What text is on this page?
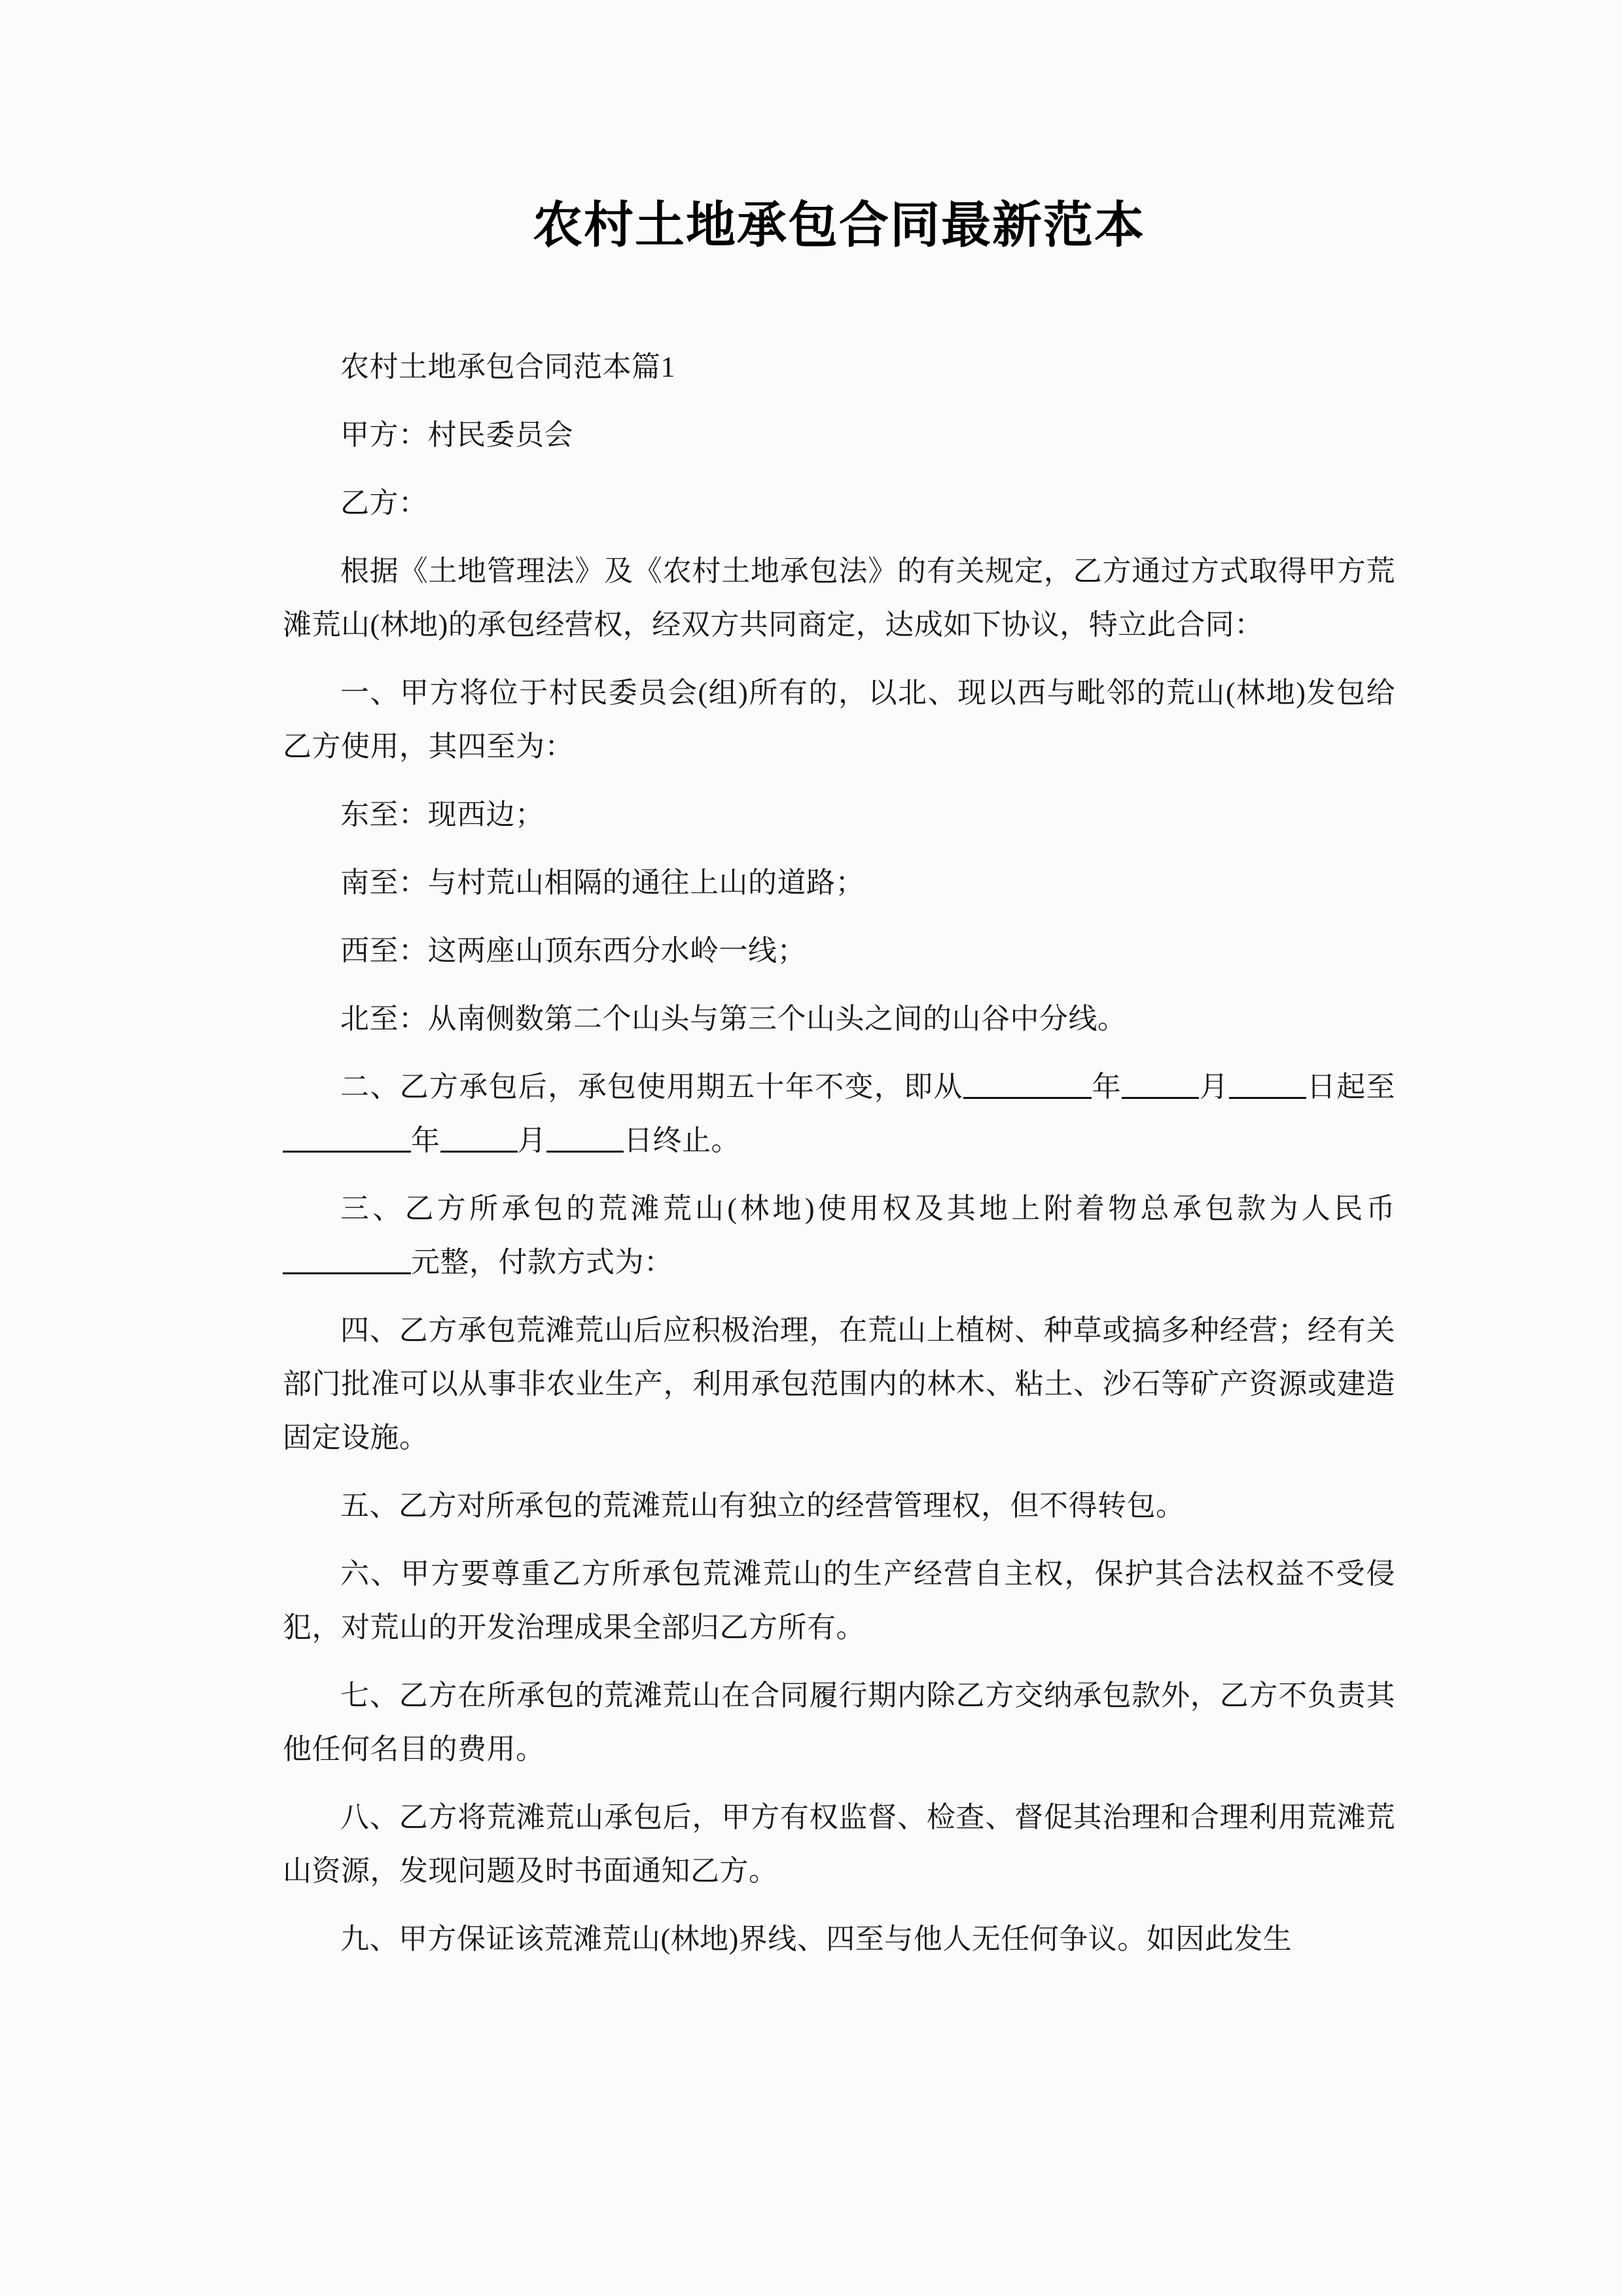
农村土地承包合同最新范本

农村土地承包合同范本篇1

甲方：村民委员会

乙方：

根据《土地管理法》及《农村土地承包法》的有关规定，乙方通过方式取得甲方荒滩荒山(林地)的承包经营权，经双方共同商定，达成如下协议，特立此合同：

一、甲方将位于村民委员会(组)所有的，以北、现以西与毗邻的荒山(林地)发包给乙方使用，其四至为：

东至：现西边；

南至：与村荒山相隔的通往上山的道路；

西至：这两座山顶东西分水岭一线；

北至：从南侧数第二个山头与第三个山头之间的山谷中分线。

二、乙方承包后，承包使用期五十年不变，即从	年	月	日起至年	月	日终止。

三、乙方所承包的荒滩荒山(林地)使用权及其地上附着物总承包款为人民币元整，付款方式为：

四、乙方承包荒滩荒山后应积极治理，在荒山上植树、种草或搞多种经营；经有关部门批准可以从事非农业生产，利用承包范围内的林木、粘土、沙石等矿产资源或建造固定设施。

五、乙方对所承包的荒滩荒山有独立的经营管理权，但不得转包。

六、甲方要尊重乙方所承包荒滩荒山的生产经营自主权，保护其合法权益不受侵犯，对荒山的开发治理成果全部归乙方所有。

七、乙方在所承包的荒滩荒山在合同履行期内除乙方交纳承包款外，乙方不负责其他任何名目的费用。

八、乙方将荒滩荒山承包后，甲方有权监督、检查、督促其治理和合理利用荒滩荒山资源，发现问题及时书面通知乙方。

九、甲方保证该荒滩荒山(林地)界线、四至与他人无任何争议。如因此发生
